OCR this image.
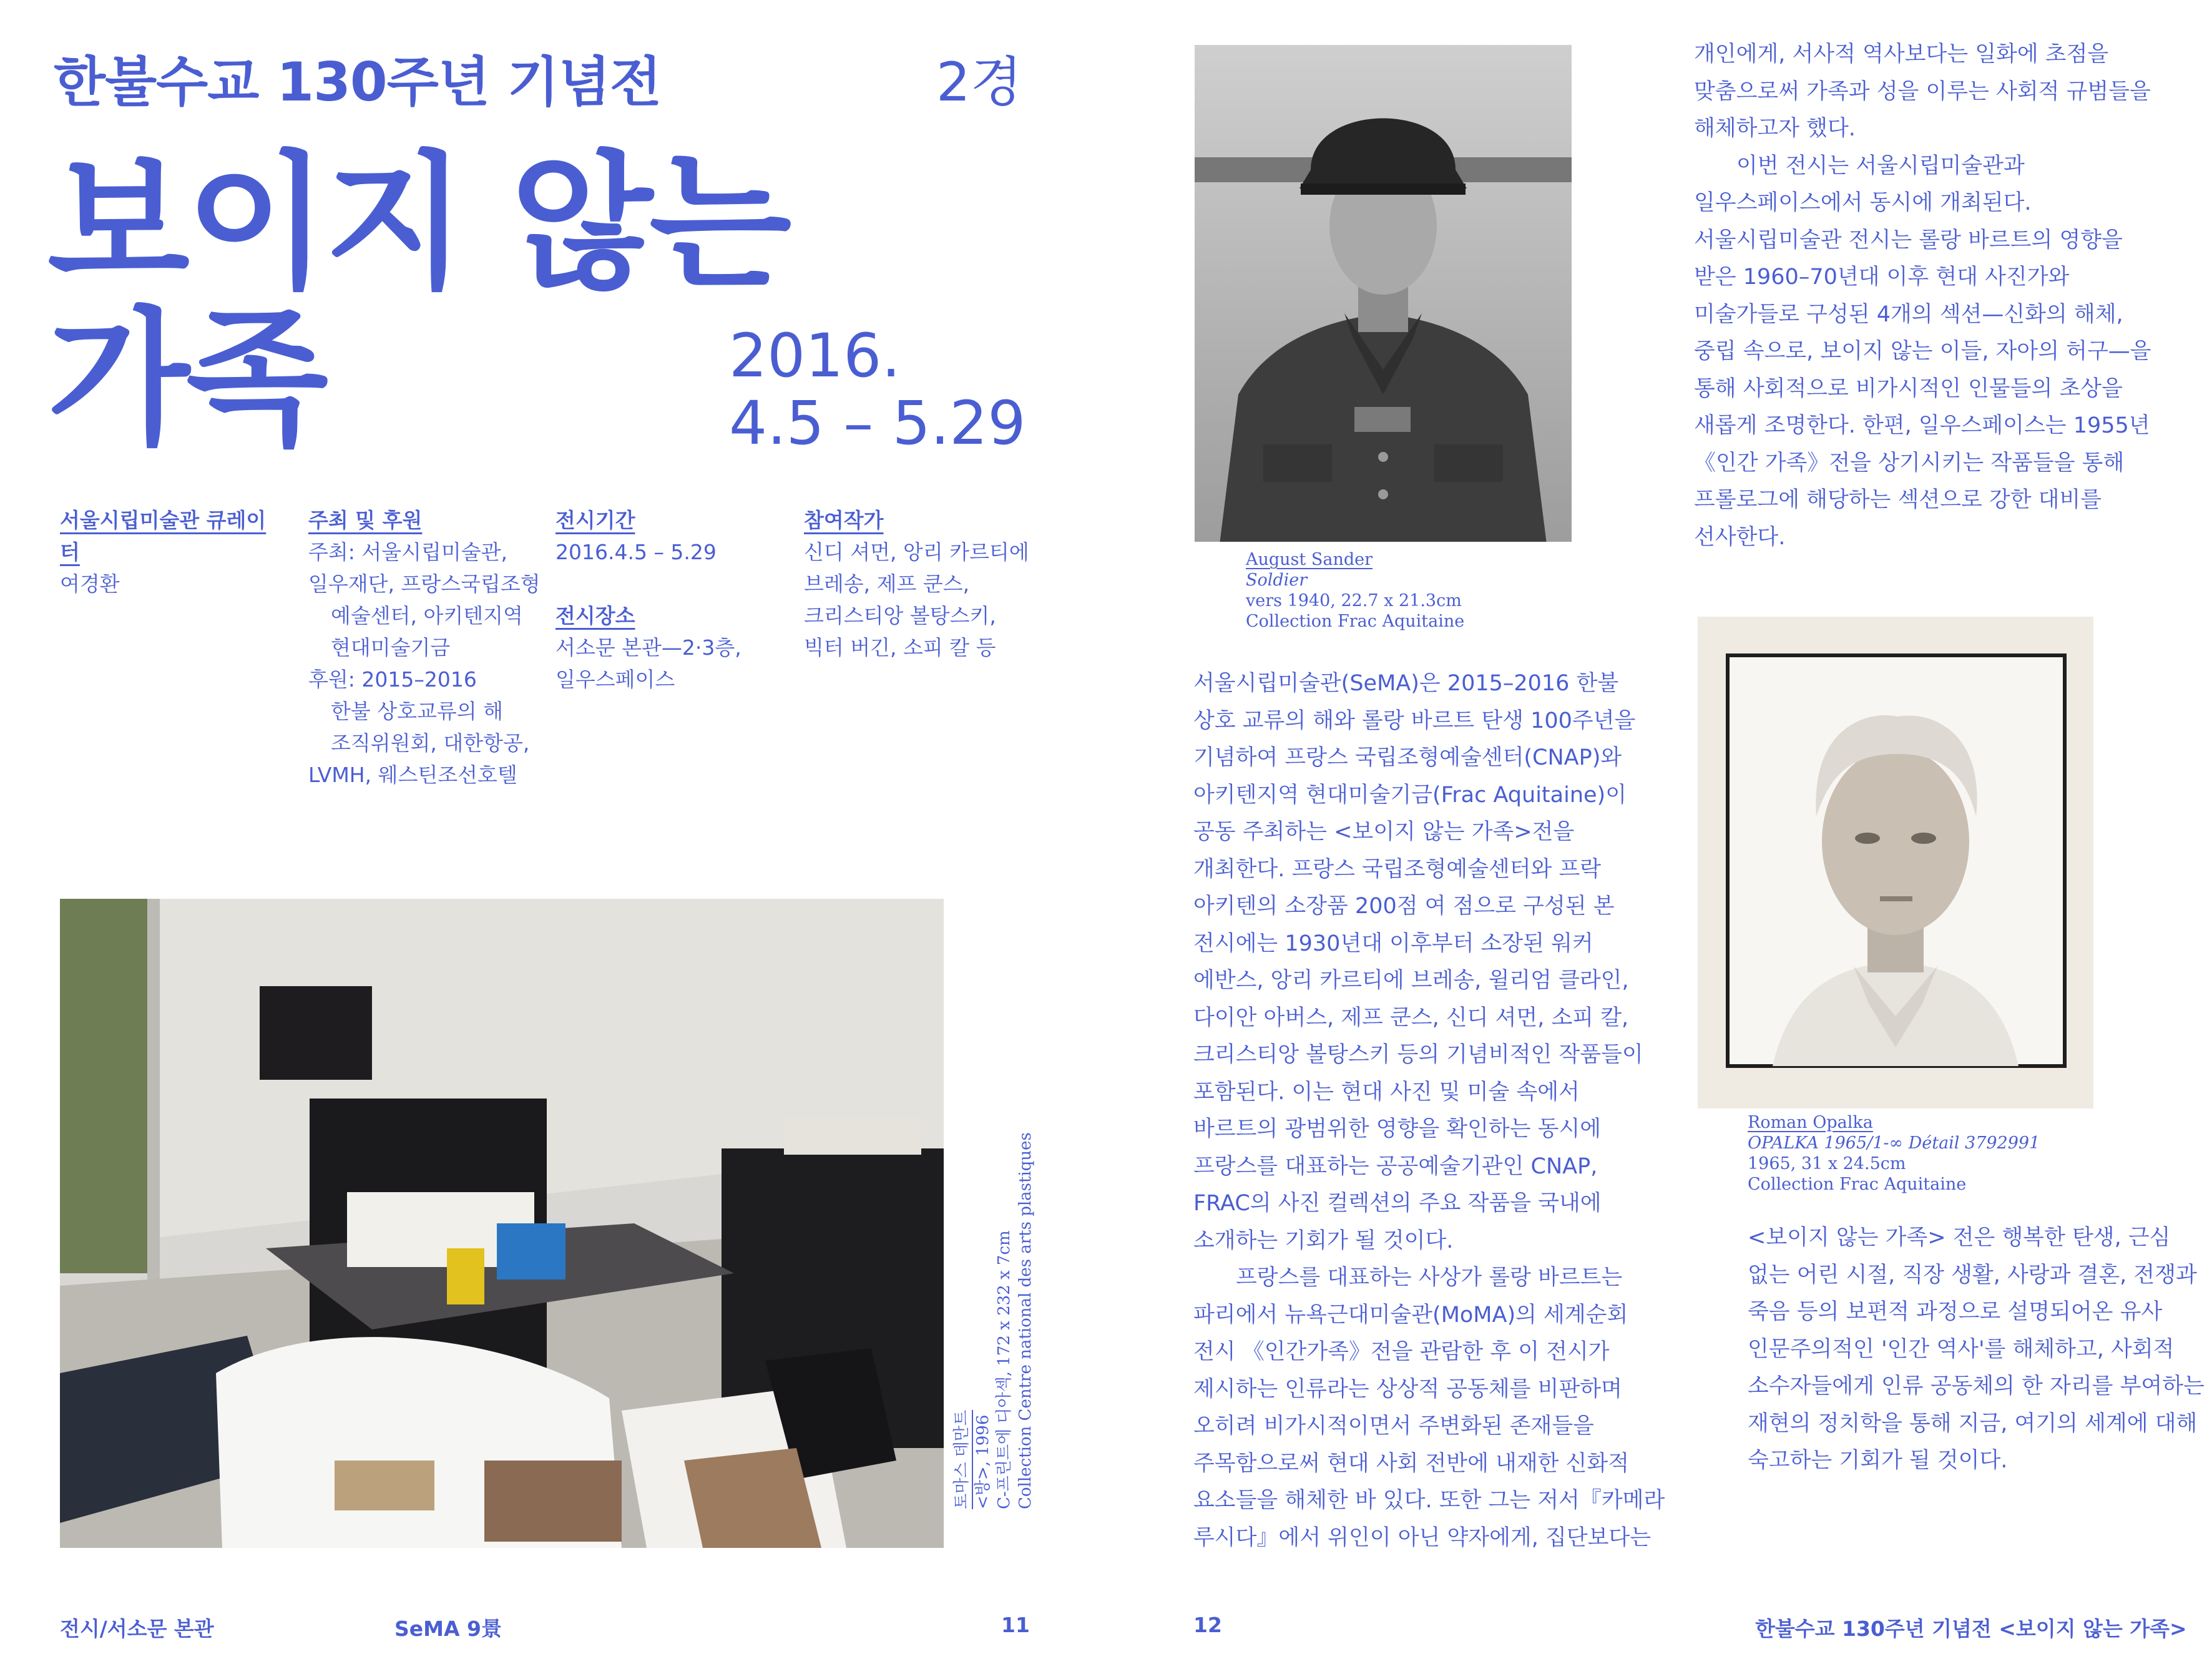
한불수교 130주년 기념전	2경
보이지 않는
가족	2016.
4.5 – 5.29
서울시립미술관 큐레이터
여경환
주최 및 후원
주최: 서울시립미술관,
일우재단, 프랑스국립조형
예술센터, 아키텐지역
현대미술기금
후원: 2015–2016
한불 상호교류의 해
조직위원회, 대한항공,
LVMH, 웨스틴조선호텔
전시기간
2016.4.5 – 5.29
전시장소
서소문 본관—2·3층,
일우스페이스
참여작가
신디 셔먼, 앙리 카르티에
브레송, 제프 쿤스,
크리스티앙 볼탕스키,
빅터 버긴, 소피 칼 등
토마스 데만트 <방>, 1996 C-프린트에 디아섹, 172 x 232 x 7cm Collection Centre national des arts plastiques
전시/서소문 본관	SeMA 9景	11
August Sander
Soldier
vers 1940, 22.7 x 21.3cm
Collection Frac Aquitaine
Roman Opalka
OPALKA 1965/1-∞ Détail 3792991
1965, 31 x 24.5cm
Collection Frac Aquitaine
서울시립미술관(SeMA)은 2015–2016 한불
상호 교류의 해와 롤랑 바르트 탄생 100주년을
기념하여 프랑스 국립조형예술센터(CNAP)와
아키텐지역 현대미술기금(Frac Aquitaine)이
공동 주최하는 <보이지 않는 가족>전을
개최한다. 프랑스 국립조형예술센터와 프락
아키텐의 소장품 200점 여 점으로 구성된 본
전시에는 1930년대 이후부터 소장된 워커
에반스, 앙리 카르티에 브레송, 윌리엄 클라인,
다이안 아버스, 제프 쿤스, 신디 셔먼, 소피 칼,
크리스티앙 볼탕스키 등의 기념비적인 작품들이
포함된다. 이는 현대 사진 및 미술 속에서
바르트의 광범위한 영향을 확인하는 동시에
프랑스를 대표하는 공공예술기관인 CNAP,
FRAC의 사진 컬렉션의 주요 작품을 국내에
소개하는 기회가 될 것이다.
프랑스를 대표하는 사상가 롤랑 바르트는
파리에서 뉴욕근대미술관(MoMA)의 세계순회
전시 《인간가족》전을 관람한 후 이 전시가
제시하는 인류라는 상상적 공동체를 비판하며
오히려 비가시적이면서 주변화된 존재들을
주목함으로써 현대 사회 전반에 내재한 신화적
요소들을 해체한 바 있다. 또한 그는 저서『카메라
루시다』에서 위인이 아닌 약자에게, 집단보다는
개인에게, 서사적 역사보다는 일화에 초점을
맞춤으로써 가족과 성을 이루는 사회적 규범들을
해체하고자 했다.
이번 전시는 서울시립미술관과
일우스페이스에서 동시에 개최된다.
서울시립미술관 전시는 롤랑 바르트의 영향을
받은 1960–70년대 이후 현대 사진가와
미술가들로 구성된 4개의 섹션—신화의 해체,
중립 속으로, 보이지 않는 이들, 자아의 허구—을
통해 사회적으로 비가시적인 인물들의 초상을
새롭게 조명한다. 한편, 일우스페이스는 1955년
《인간 가족》전을 상기시키는 작품들을 통해
프롤로그에 해당하는 섹션으로 강한 대비를
선사한다.
<보이지 않는 가족> 전은 행복한 탄생, 근심
없는 어린 시절, 직장 생활, 사랑과 결혼, 전쟁과
죽음 등의 보편적 과정으로 설명되어온 유사
인문주의적인 '인간 역사'를 해체하고, 사회적
소수자들에게 인류 공동체의 한 자리를 부여하는
재현의 정치학을 통해 지금, 여기의 세계에 대해
숙고하는 기회가 될 것이다.
12	한불수교 130주년 기념전 <보이지 않는 가족>
